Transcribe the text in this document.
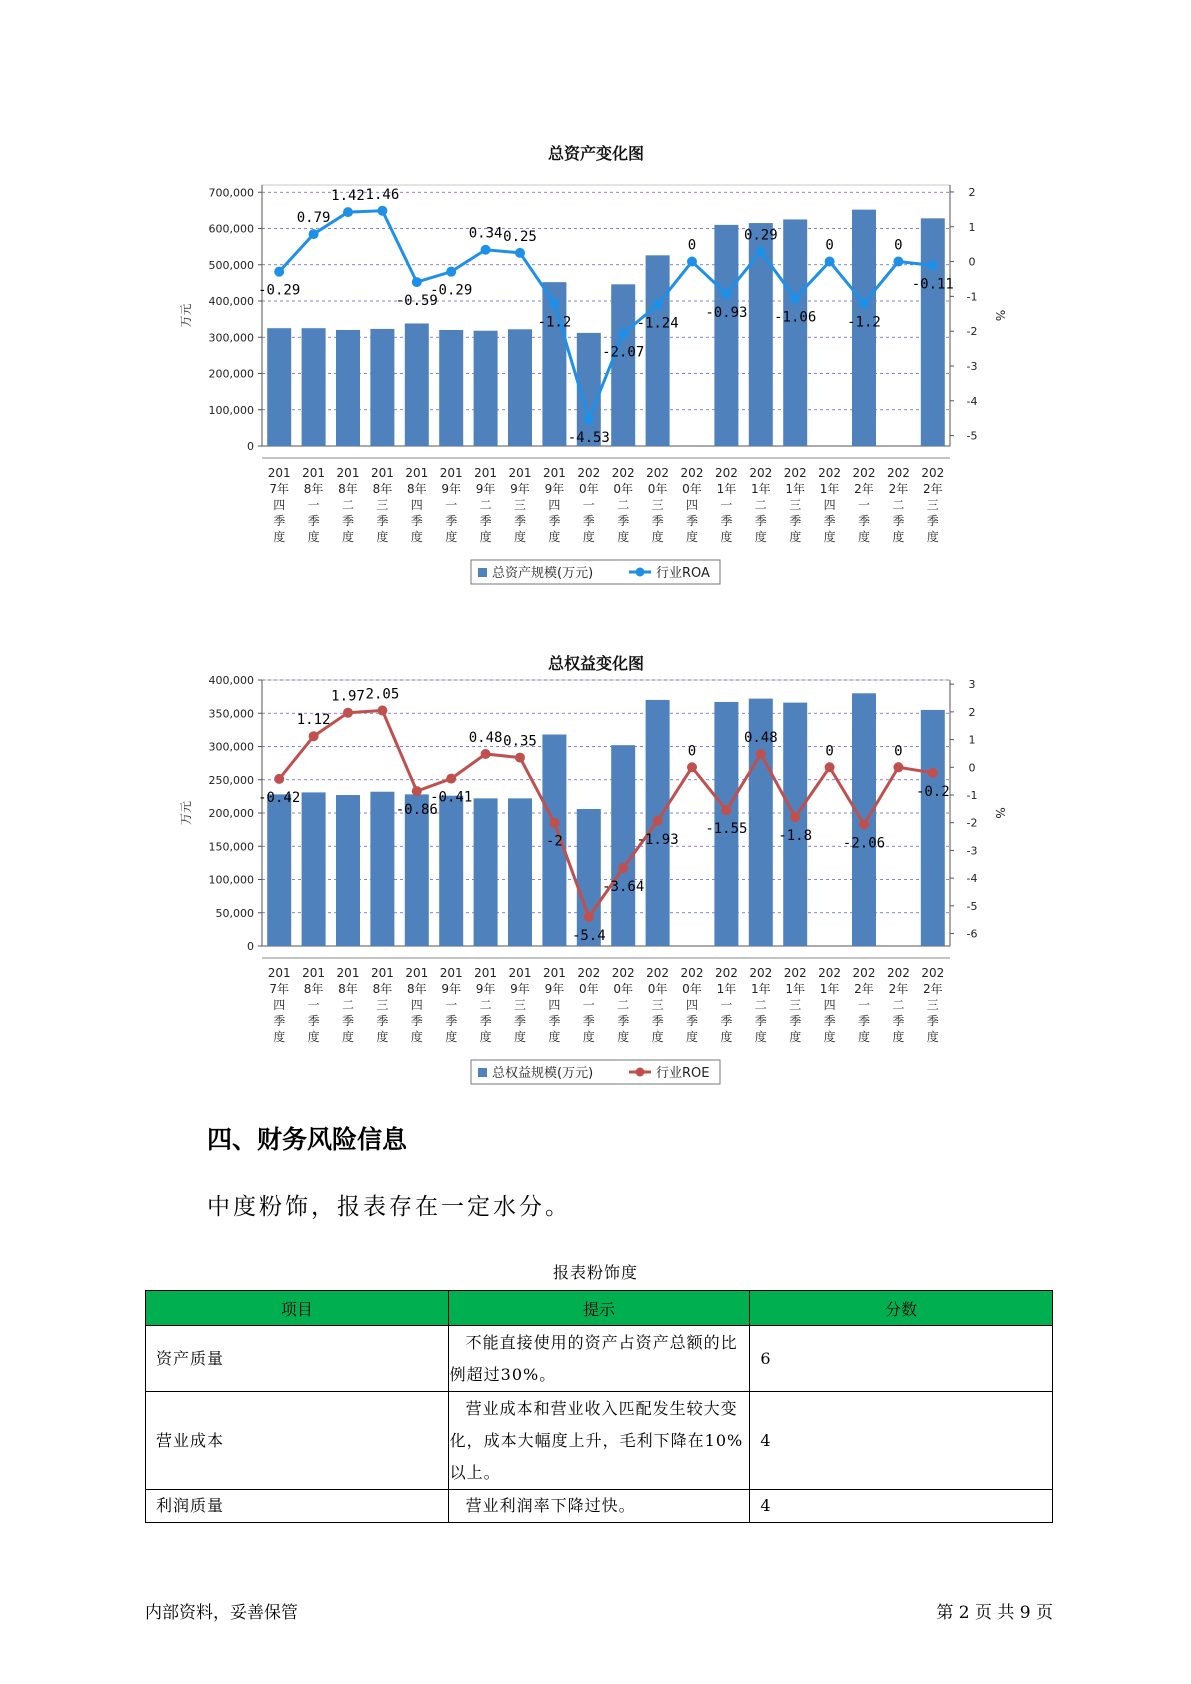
总资产变化图
0
100,000
200,000
300,000
400,000
500,000
600,000
700,000	2
1
0
-1
-2
-3
-4
-5
万元	%
-0.29
0.79
1.42 1.46
-0.59
-0.29
0.34 0.25
-1.2
-4.53
-2.07
-1.24
0
-0.93
0.29
-1.06
0
-1.2
0
-0.11
201
7年
四
季
度
201
8年
一
季
度
201
8年
二
季
度
201
8年
三
季
度
201
8年
四
季
度
201
9年
一
季
度
201
9年
二
季
度
201
9年
三
季
度
201
9年
四
季
度
202
0年
一
季
度
202
0年
二
季
度
202
0年
三
季
度
202
0年
四
季
度
202
1年
一
季
度
202
1年
二
季
度
202
1年
三
季
度
202
1年
四
季
度
202
2年
一
季
度
202
2年
二
季
度
202
2年
三
季
度
总资产规模(万元)	行业ROA
总权益变化图
0
50,000
100,000
150,000
200,000
250,000
300,000
350,000
400,000	3
2
1
0
-1
-2
-3
-4
-5
-6
万元	%
-0.42
1.12
1.97 2.05
-0.86
-0.41
0.48 0.35
-2
-5.4
-3.64
-1.93
0
-1.55
0.48
-1.8
0
-2.06
0
-0.2
201
7年
四
季
度
201
8年
一
季
度
201
8年
二
季
度
201
8年
三
季
度
201
8年
四
季
度
201
9年
一
季
度
201
9年
二
季
度
201
9年
三
季
度
201
9年
四
季
度
202
0年
一
季
度
202
0年
二
季
度
202
0年
三
季
度
202
0年
四
季
度
202
1年
一
季
度
202
1年
二
季
度
202
1年
三
季
度
202
1年
四
季
度
202
2年
一
季
度
202
2年
二
季
度
202
2年
三
季
度
总权益规模(万元)	行业ROE
四、财务风险信息

中度粉饰，报表存在一定水分。

报表粉饰度
项目	提示	分数
资产质量	不能直接使用的资产占资产总额的比例超过30%。	6
营业成本	营业成本和营业收入匹配发生较大变化，成本大幅度上升，毛利下降在10%以上。	4
利润质量	营业利润率下降过快。	4
内部资料，妥善保管	第 2 页 共 9 页
